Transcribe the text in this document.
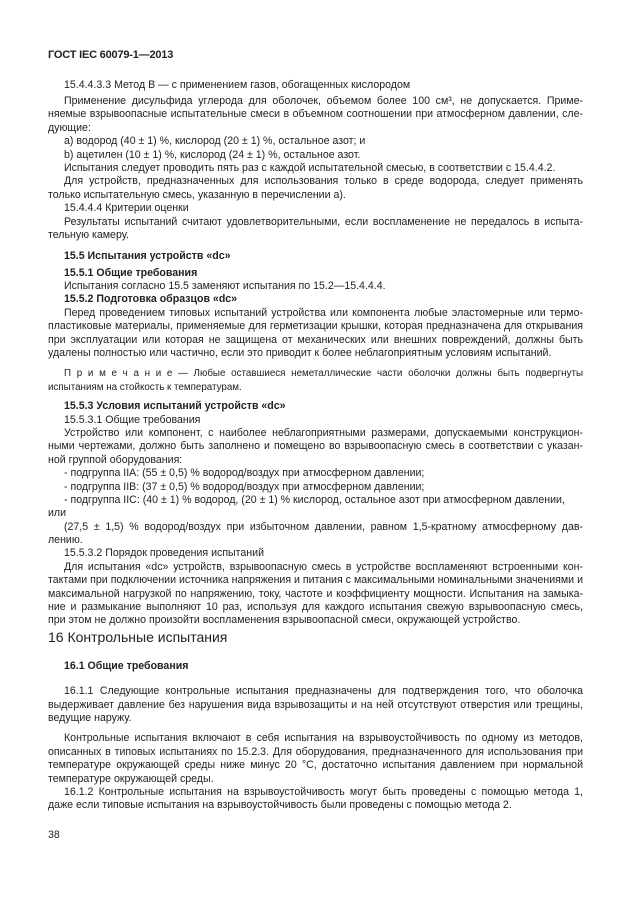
ГОСТ IEC 60079-1—2013
15.4.4.3.3 Метод В — с применением газов, обогащенных кислородом
Применение дисульфида углерода для оболочек, объемом более 100 см³, не допускается. Приме-
няемые взрывоопасные испытательные смеси в объемном соотношении при атмосферном давлении, сле-
дующие:
а) водород (40 ± 1) %, кислород (20 ± 1) %, остальное азот; и
b) ацетилен (10 ± 1) %, кислород (24 ± 1) %, остальное азот.
Испытания следует проводить пять раз с каждой испытательной смесью, в соответствии с 15.4.4.2.
Для устройств, предназначенных для использования только в среде водорода, следует применять
только испытательную смесь, указанную в перечислении а).
15.4.4.4 Критерии оценки
Результаты испытаний считают удовлетворительными, если воспламенение не передалось в испыта-
тельную камеру.
15.5 Испытания устройств «dc»
15.5.1 Общие требования
Испытания согласно 15.5 заменяют испытания по 15.2—15.4.4.4.
15.5.2 Подготовка образцов «dc»
Перед проведением типовых испытаний устройства или компонента любые эластомерные или термо-
пластиковые материалы, применяемые для герметизации крышки, которая предназначена для открывания
при эксплуатации или которая не защищена от механических или внешних повреждений, должны быть
удалены полностью или частично, если это приводит к более неблагоприятным условиям испытаний.
П р и м е ч а н и е — Любые оставшиеся неметаллические части оболочки должны быть подвергнуты
испытаниям на стойкость к температурам.
15.5.3 Условия испытаний устройств «dc»
15.5.3.1 Общие требования
Устройство или компонент, с наиболее неблагоприятными размерами, допускаемыми конструкцион-
ными чертежами, должно быть заполнено и помещено во взрывоопасную смесь в соответствии с указан-
ной группой оборудования:
- подгруппа IIA: (55 ± 0,5) % водород/воздух при атмосферном давлении;
- подгруппа IIB: (37 ± 0,5) % водород/воздух при атмосферном давлении;
- подгруппа IIC: (40 ± 1) % водород, (20 ± 1) % кислород, остальное азот при атмосферном давлении,
или
(27,5 ± 1,5) % водород/воздух при избыточном давлении, равном 1,5-кратному атмосферному дав-
лению.
15.5.3.2 Порядок проведения испытаний
Для испытания «dc» устройств, взрывоопасную смесь в устройстве воспламеняют встроенными кон-
тактами при подключении источника напряжения и питания с максимальными номинальными значениями и
максимальной нагрузкой по напряжению, току, частоте и коэффициенту мощности. Испытания на замыка-
ние и размыкание выполняют 10 раз, используя для каждого испытания свежую взрывоопасную смесь,
при этом не должно произойти воспламенения взрывоопасной смеси, окружающей устройство.
16 Контрольные испытания
16.1 Общие требования
16.1.1 Следующие контрольные испытания предназначены для подтверждения того, что оболочка
выдерживает давление без нарушения вида взрывозащиты и на ней отсутствуют отверстия или трещины,
ведущие наружу.
Контрольные испытания включают в себя испытания на взрывоустойчивость по одному из методов,
описанных в типовых испытаниях по 15.2.3. Для оборудования, предназначенного для использования при
температуре окружающей среды ниже минус 20 °С, достаточно испытания давлением при нормальной
температуре окружающей среды.
16.1.2 Контрольные испытания на взрывоустойчивость могут быть проведены с помощью метода 1,
даже если типовые испытания на взрывоустойчивость были проведены с помощью метода 2.
38
